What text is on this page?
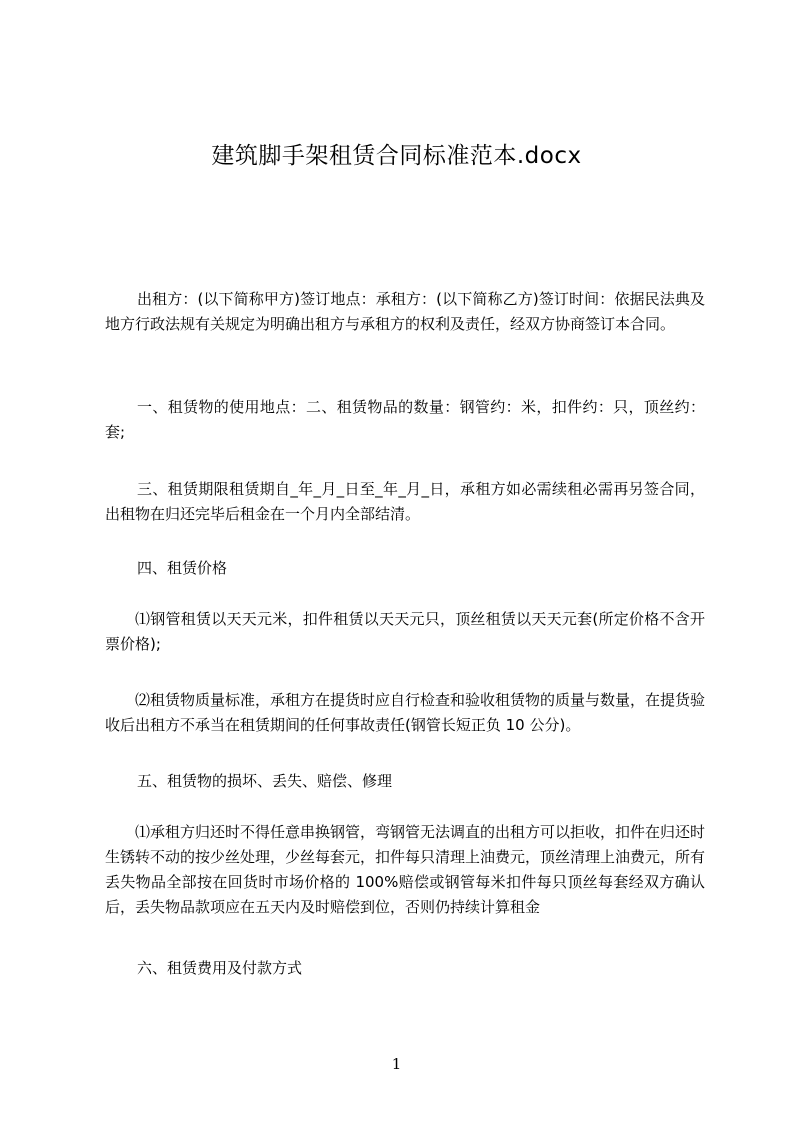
建筑脚手架租赁合同标准范本.docx
出租方：(以下简称甲方)签订地点：承租方：(以下简称乙方)签订时间：依据民法典及地方行政法规有关规定为明确出租方与承租方的权利及责任，经双方协商签订本合同。
一、租赁物的使用地点：二、租赁物品的数量：钢管约：米，扣件约：只，顶丝约：套;
三、租赁期限租赁期自_年_月_日至_年_月_日，承租方如必需续租必需再另签合同，出租物在归还完毕后租金在一个月内全部结清。
四、租赁价格
⑴钢管租赁以天天元米，扣件租赁以天天元只，顶丝租赁以天天元套(所定价格不含开票价格);
⑵租赁物质量标准，承租方在提货时应自行检查和验收租赁物的质量与数量，在提货验收后出租方不承当在租赁期间的任何事故责任(钢管长短正负 10 公分)。
五、租赁物的损坏、丢失、赔偿、修理
⑴承租方归还时不得任意串换钢管，弯钢管无法调直的出租方可以拒收，扣件在归还时生锈转不动的按少丝处理，少丝每套元，扣件每只清理上油费元，顶丝清理上油费元，所有丢失物品全部按在回货时市场价格的 100%赔偿或钢管每米扣件每只顶丝每套经双方确认后，丢失物品款项应在五天内及时赔偿到位，否则仍持续计算租金
六、租赁费用及付款方式
1
